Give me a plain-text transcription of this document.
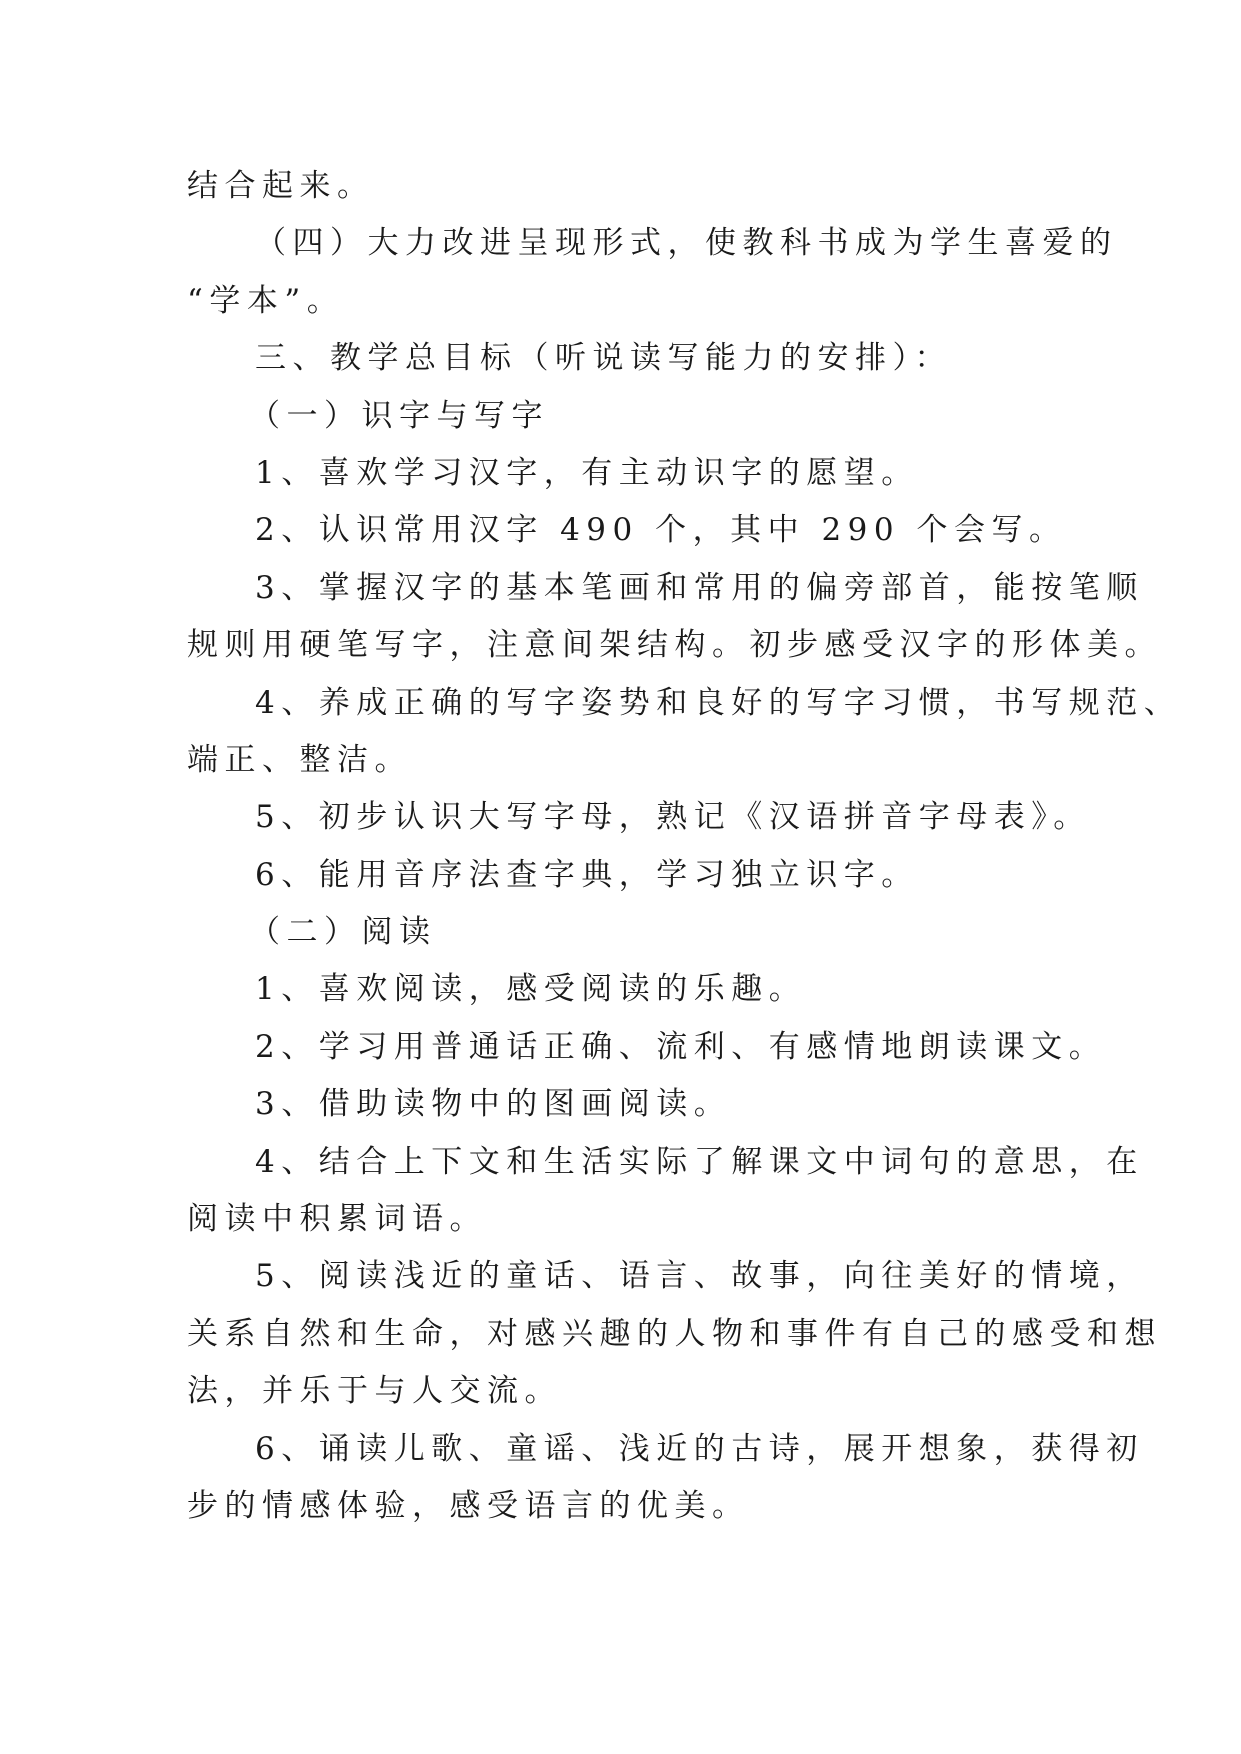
结合起来。
（四）大力改进呈现形式，使教科书成为学生喜爱的
“学本”。
三、教学总目标（听说读写能力的安排）：
（一）识字与写字
1、喜欢学习汉字，有主动识字的愿望。
2、认识常用汉字 490 个，其中 290 个会写。
3、掌握汉字的基本笔画和常用的偏旁部首，能按笔顺
规则用硬笔写字，注意间架结构。初步感受汉字的形体美。
4、养成正确的写字姿势和良好的写字习惯，书写规范、
端正、整洁。
5、初步认识大写字母，熟记《汉语拼音字母表》。
6、能用音序法查字典，学习独立识字。
（二）阅读
1、喜欢阅读，感受阅读的乐趣。
2、学习用普通话正确、流利、有感情地朗读课文。
3、借助读物中的图画阅读。
4、结合上下文和生活实际了解课文中词句的意思，在
阅读中积累词语。
5、阅读浅近的童话、语言、故事，向往美好的情境，
关系自然和生命，对感兴趣的人物和事件有自己的感受和想
法，并乐于与人交流。
6、诵读儿歌、童谣、浅近的古诗，展开想象，获得初
步的情感体验，感受语言的优美。
